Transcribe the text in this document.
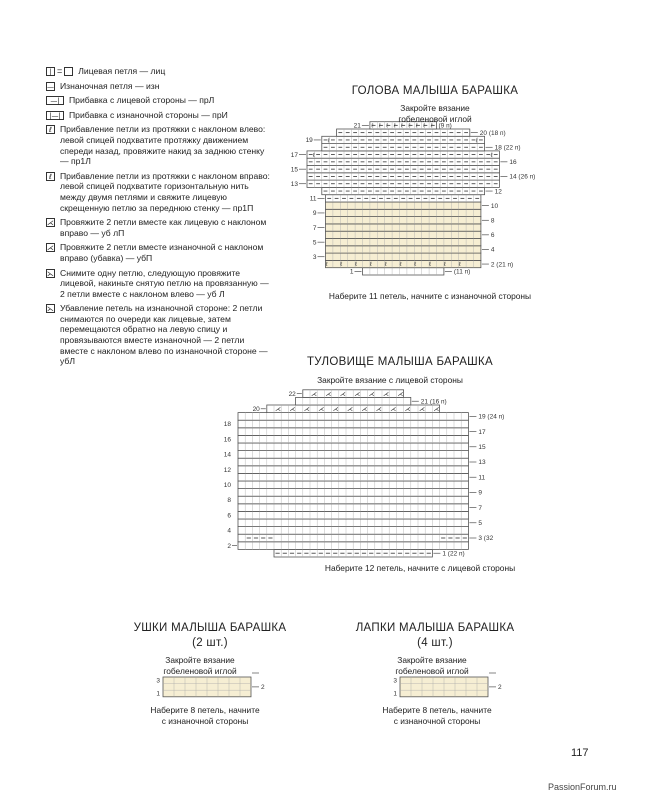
| = Лицевая петля — лиц
— Изнаночная петля — изн
—|	Прибавка с лицевой стороны — прЛ
|—| Прибавка с изнаночной стороны — прИ
ℓ Прибавление петли из протяжки с наклоном влево: левой спицей подхватите протяжку движением спереди назад, провяжите накид за заднюю стенку — пр1Л
ℓ Прибавление петли из протяжки с наклоном вправо: левой спицей подхватите горизонтальную нить между двумя петлями и свяжите лицевую скрещенную петлю за переднюю стенку — пр1П
⋌ Провяжите 2 петли вместе как лицевую с наклоном вправо — уб лП
⋌ Провяжите 2 петли вместе изнаночной с наклоном вправо (убавка) — убП
⋋ Снимите одну петлю, следующую провяжите лицевой, накиньте снятую петлю на провязанную — 2 петли вместе с наклоном влево — уб Л
⋋ Убавление петель на изнаночной стороне: 2 петли снимаются по очереди как лицевые, затем перемещаются обратно на левую спицу и провязываются вместе изнаночной — 2 петли вместе с наклоном влево по изнаночной стороне — убЛ
ℓ ℓ ℓ ℓ ℓ ℓ ℓ ℓ ℓ ℓ
ℓ	ℓ
ℓ	ℓ
ℓ ℓ ℓ ℓ ℓ ℓ ℓ ℓ ℓ
21
19
17
15
13
11
9
7
5
3
1
20 (18 п)
18 (22 п)
16
14 (26 п)
12
10
8
6
4
2 (21 п)
(9 п)
(11 п)
⋌ ⋌ ⋌ ⋌ ⋌ ⋌ ⋌ ⋌ ⋌ ⋌ ⋌ ⋌
⋌ ⋌ ⋌ ⋌ ⋌ ⋌ ⋌
22
20
18
16
14
12
10
8
6
4
2
21 (16 п)
19 (24 п)
17
15
13
11
9
7
5
3 (32
1 (22 п)
3
1
2
3
1
2
ГОЛОВА МАЛЫША БАРАШКА
Закройте вязание
гобеленовой иглой
Наберите 11 петель, начните с изнаночной стороны
ТУЛОВИЩЕ МАЛЫША БАРАШКА
Закройте вязание с лицевой стороны
Наберите 12 петель, начните с лицевой стороны
УШКИ МАЛЫША БАРАШКА
(2 шт.)
Закройте вязание
гобеленовой иглой
Наберите 8 петель, начните
с изнаночной стороны
ЛАПКИ МАЛЫША БАРАШКА
(4 шт.)
Закройте вязание
гобеленовой иглой
Наберите 8 петель, начните
с изнаночной стороны
117
PassionForum.ru
